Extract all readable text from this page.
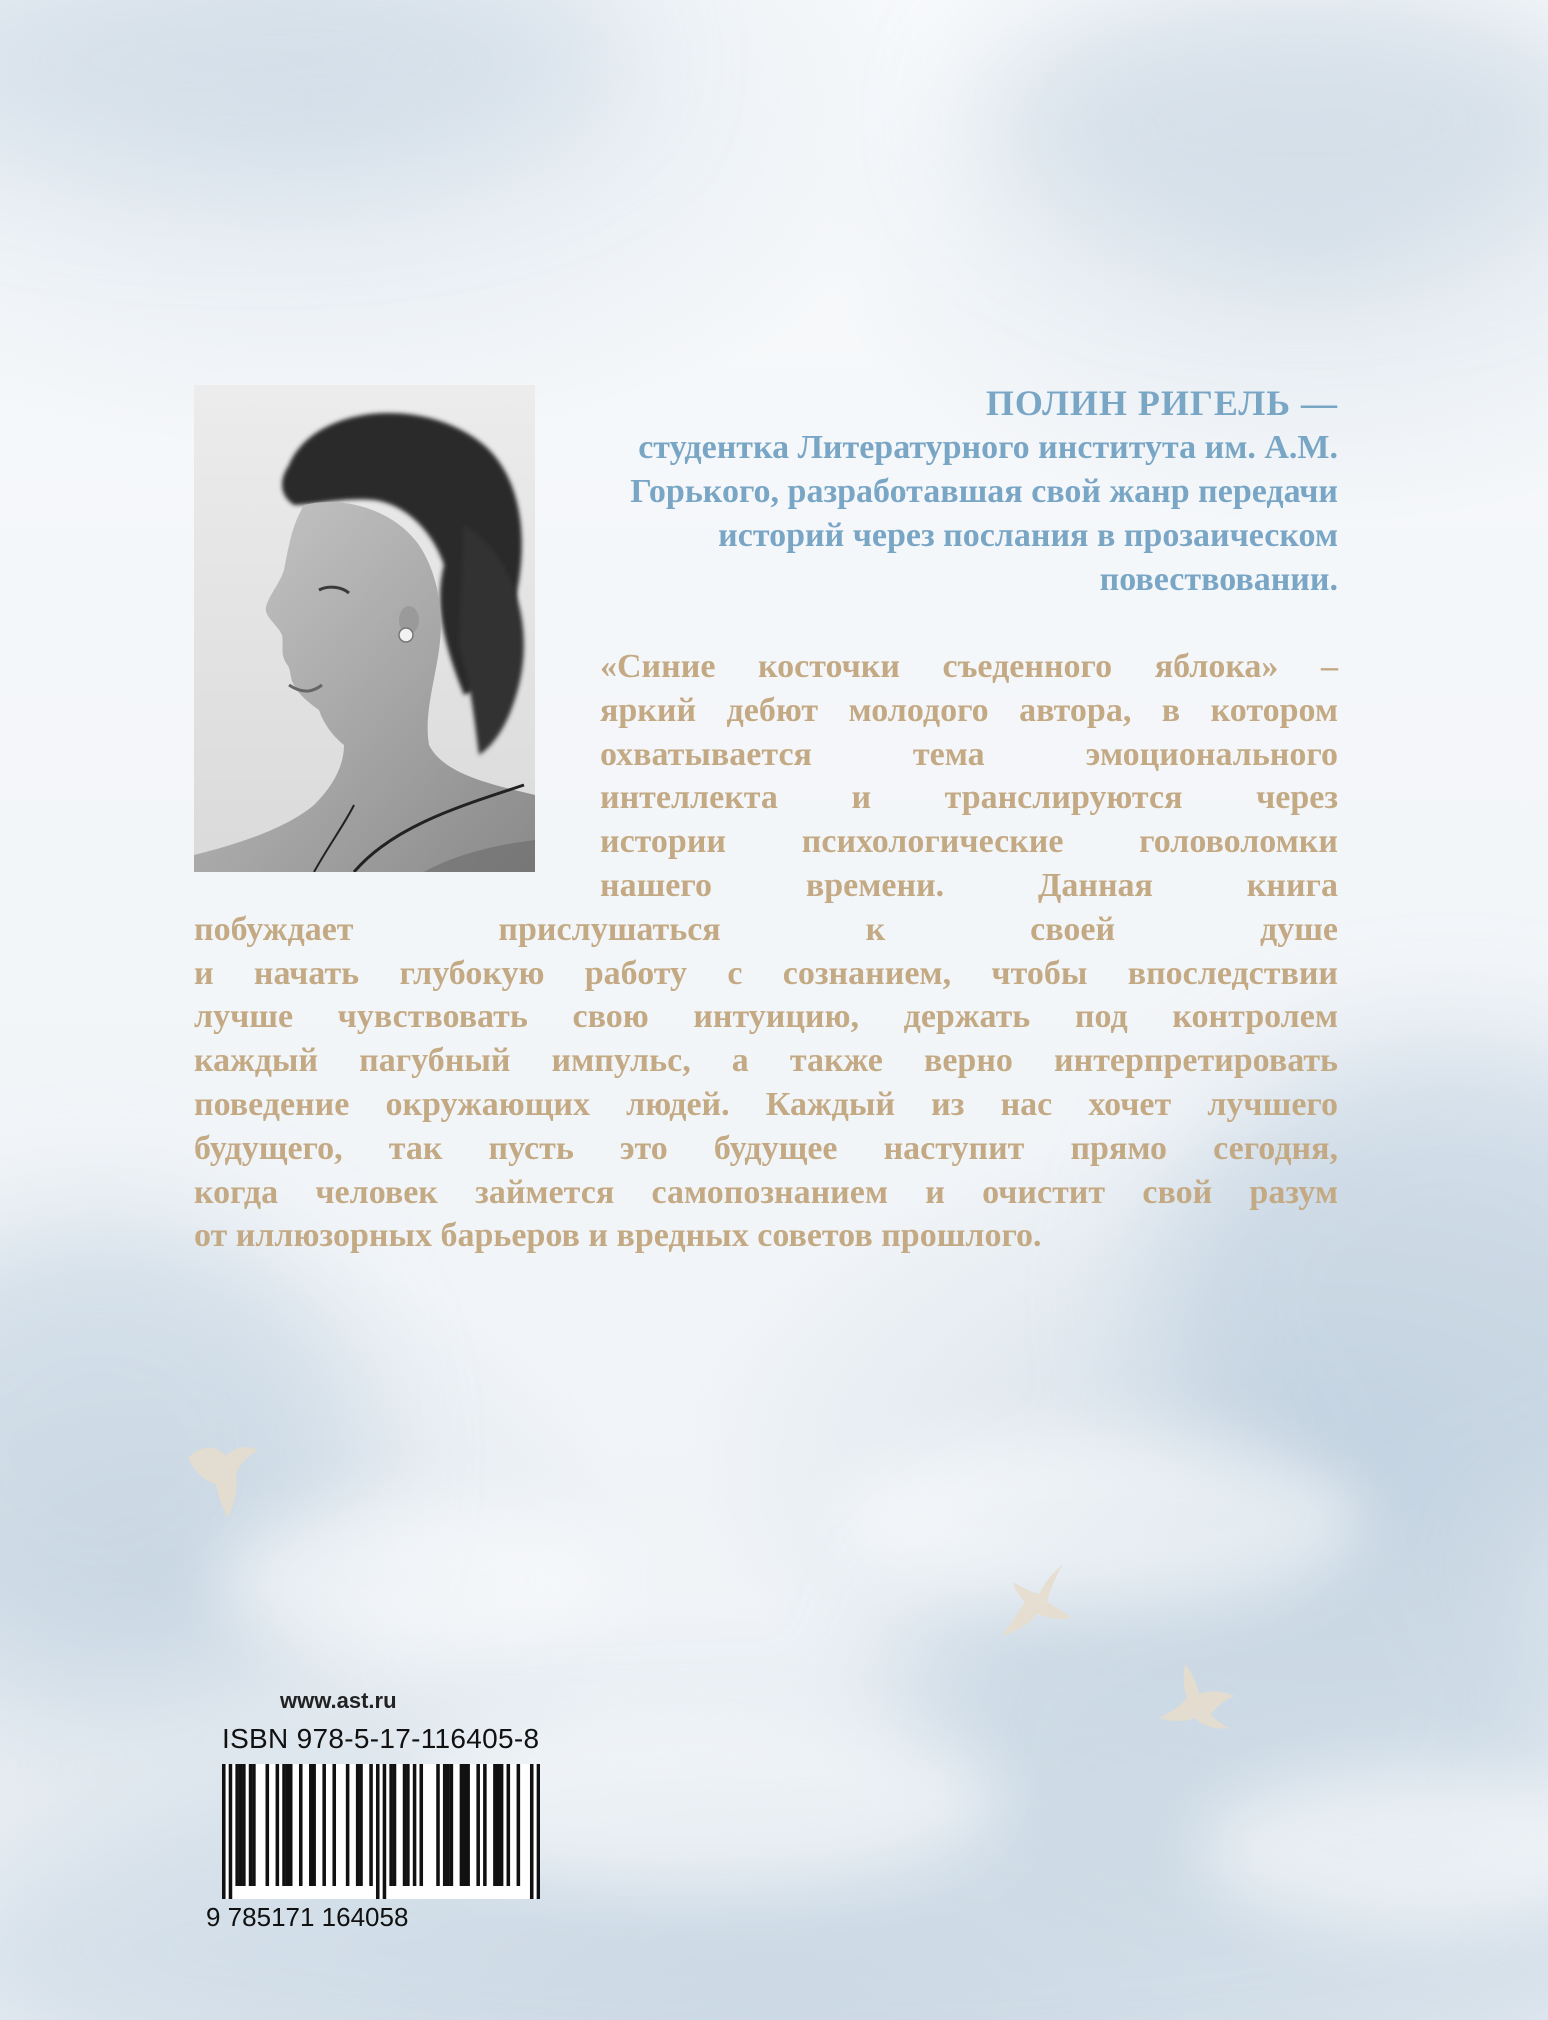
ПОЛИН РИГЕЛЬ —

студентка Литературного института им. А.М. Горького, разработавшая свой жанр передачи историй через послания в прозаическом повествовании.

«Синие косточки съеденного яблока» –
яркий дебют молодого автора, в котором
охватывается тема эмоционального
интеллекта и транслируются через
истории психологические головоломки
нашего времени. Данная книга
побуждает прислушаться к своей душе
и начать глубокую работу с сознанием, чтобы впоследствии
лучше чувствовать свою интуицию, держать под контролем
каждый пагубный импульс, а также верно интерпретировать
поведение окружающих людей. Каждый из нас хочет лучшего
будущего, так пусть это будущее наступит прямо сегодня,
когда человек займется самопознанием и очистит свой разум
от иллюзорных барьеров и вредных советов прошлого.

www.ast.ru

ISBN 978-5-17-116405-8

9 785171 164058
